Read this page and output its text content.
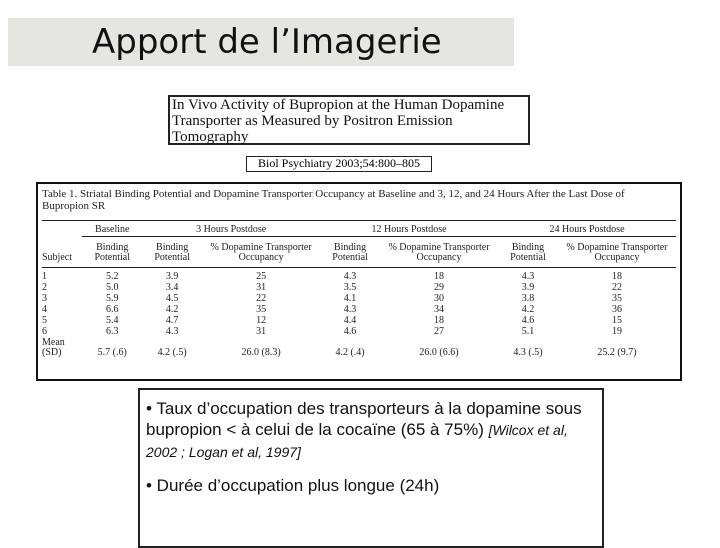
Apport de l’Imagerie
In Vivo Activity of Bupropion at the Human Dopamine Transporter as Measured by Positron Emission Tomography
Biol Psychiatry 2003;54:800–805
Table 1. Striatal Binding Potential and Dopamine Transporter Occupancy at Baseline and 3, 12, and 24 Hours After the Last Dose of Bupropion SR
	Baseline	3 Hours Postdose		12 Hours Postdose		24 Hours Postdose	
Subject	Binding Potential	Binding Potential	% Dopamine Transporter Occupancy	Binding Potential	% Dopamine Transporter Occupancy	Binding Potential	% Dopamine Transporter Occupancy
1	5.2	3.9	25	4.3	18	4.3	18
2	5.0	3.4	31	3.5	29	3.9	22
3	5.9	4.5	22	4.1	30	3.8	35
4	6.6	4.2	35	4.3	34	4.2	36
5	5.4	4.7	12	4.4	18	4.6	15
6	6.3	4.3	31	4.6	27	5.1	19
Mean (SD)	5.7 (.6)	4.2 (.5)	26.0 (8.3)	4.2 (.4)	26.0 (6.6)	4.3 (.5)	25.2 (9.7)

• Taux d’occupation des transporteurs à la dopamine sous bupropion < à celui de la cocaïne (65 à 75%) [Wilcox et al, 2002 ; Logan et al, 1997]

• Durée d’occupation plus longue (24h)
